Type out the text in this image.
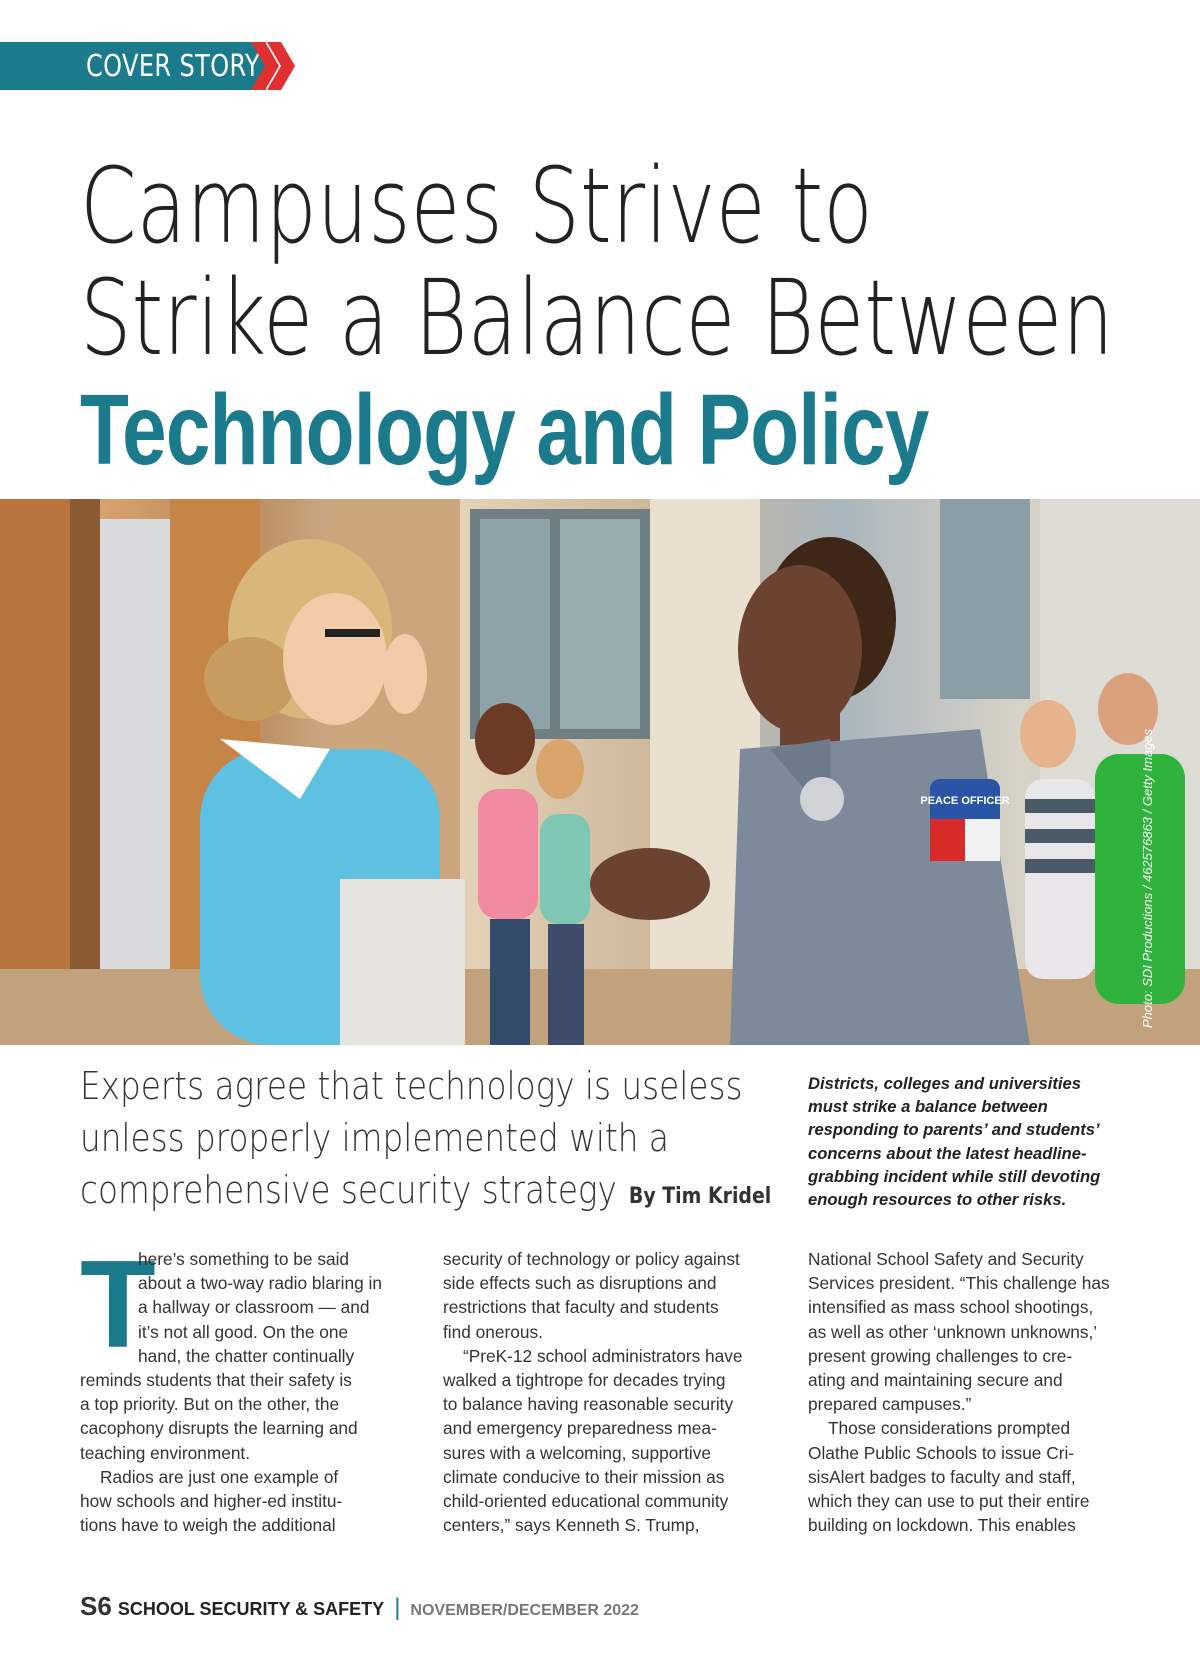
COVER STORY
Campuses Strive to
Strike a Balance Between
Technology and Policy
PEACE OFFICER	Photo: SDI Productions / 462576863 / Getty Images
Experts agree that technology is useless
unless properly implemented with a
comprehensive security strategy By Tim Kridel
Districts, colleges and universities
must strike a balance between
responding to parents’ and students’
concerns about the latest headline-
grabbing incident while still devoting
enough resources to other risks.
T
here’s something to be said
about a two-way radio blaring in
a hallway or classroom — and
it’s not all good. On the one
hand, the chatter continually
reminds students that their safety is
a top priority. But on the other, the
cacophony disrupts the learning and
teaching environment.
Radios are just one example of
how schools and higher-ed institu-
tions have to weigh the additional
security of technology or policy against
side effects such as disruptions and
restrictions that faculty and students
find onerous.
“PreK-12 school administrators have
walked a tightrope for decades trying
to balance having reasonable security
and emergency preparedness mea-
sures with a welcoming, supportive
climate conducive to their mission as
child-oriented educational community
centers,” says Kenneth S. Trump,
National School Safety and Security
Services president. “This challenge has
intensified as mass school shootings,
as well as other ‘unknown unknowns,’
present growing challenges to cre-
ating and maintaining secure and
prepared campuses.”
Those considerations prompted
Olathe Public Schools to issue Cri-
sisAlert badges to faculty and staff,
which they can use to put their entire
building on lockdown. This enables
S6 SCHOOL SECURITY & SAFETY | NOVEMBER/DECEMBER 2022
